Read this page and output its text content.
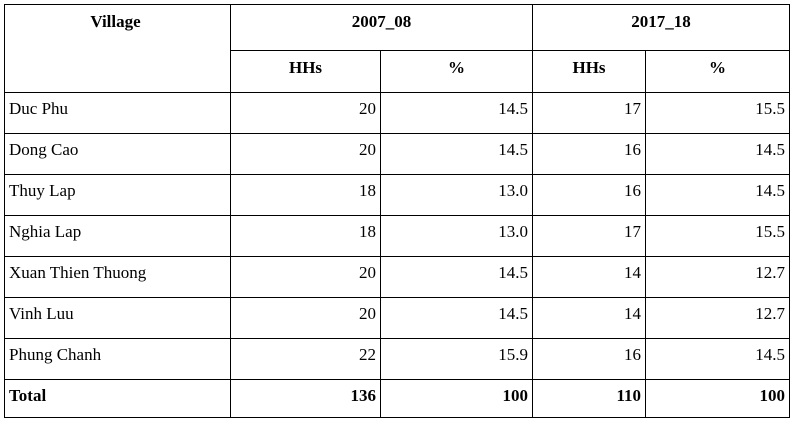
Village	2007_08		2017_18	
	HHs	%	HHs	%
Duc Phu	20	14.5	17	15.5
Dong Cao	20	14.5	16	14.5
Thuy Lap	18	13.0	16	14.5
Nghia Lap	18	13.0	17	15.5
Xuan Thien Thuong	20	14.5	14	12.7
Vinh Luu	20	14.5	14	12.7
Phung Chanh	22	15.9	16	14.5
Total	136	100	110	100
